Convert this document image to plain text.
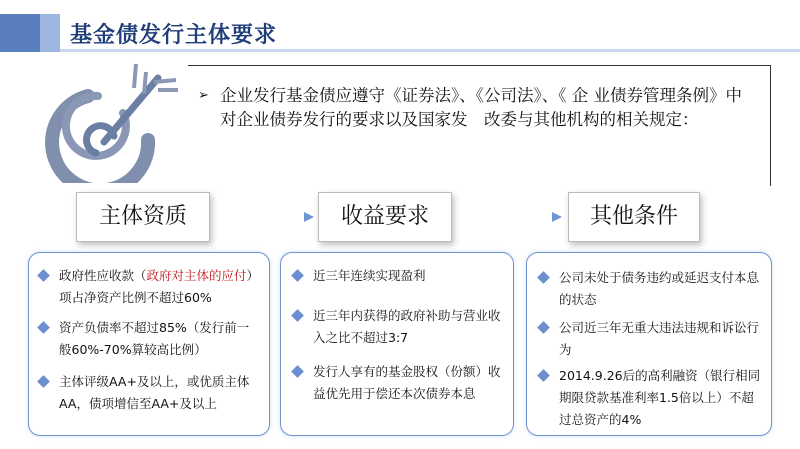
基金债发行主体要求
➢ 企业发行基金债应遵守《证券法》、《公司法》、《 企 业债券管理条例》中对企业债券发行的要求以及国家发　改委与其他机构的相关规定：
主体资质	收益要求	其他条件
政府性应收款（政府对主体的应付）项占净资产比例不超过60%
资产负债率不超过85%（发行前一般60%-70%算较高比例）
主体评级AA+及以上，或优质主体AA，债项增信至AA+及以上
近三年连续实现盈利
近三年内获得的政府补助与营业收入之比不超过3:7
发行人享有的基金股权（份额）收益优先用于偿还本次债券本息
公司未处于债务违约或延迟支付本息的状态
公司近三年无重大违法违规和诉讼行为
2014.9.26后的高利融资（银行相同期限贷款基准利率1.5倍以上）不超过总资产的4%
